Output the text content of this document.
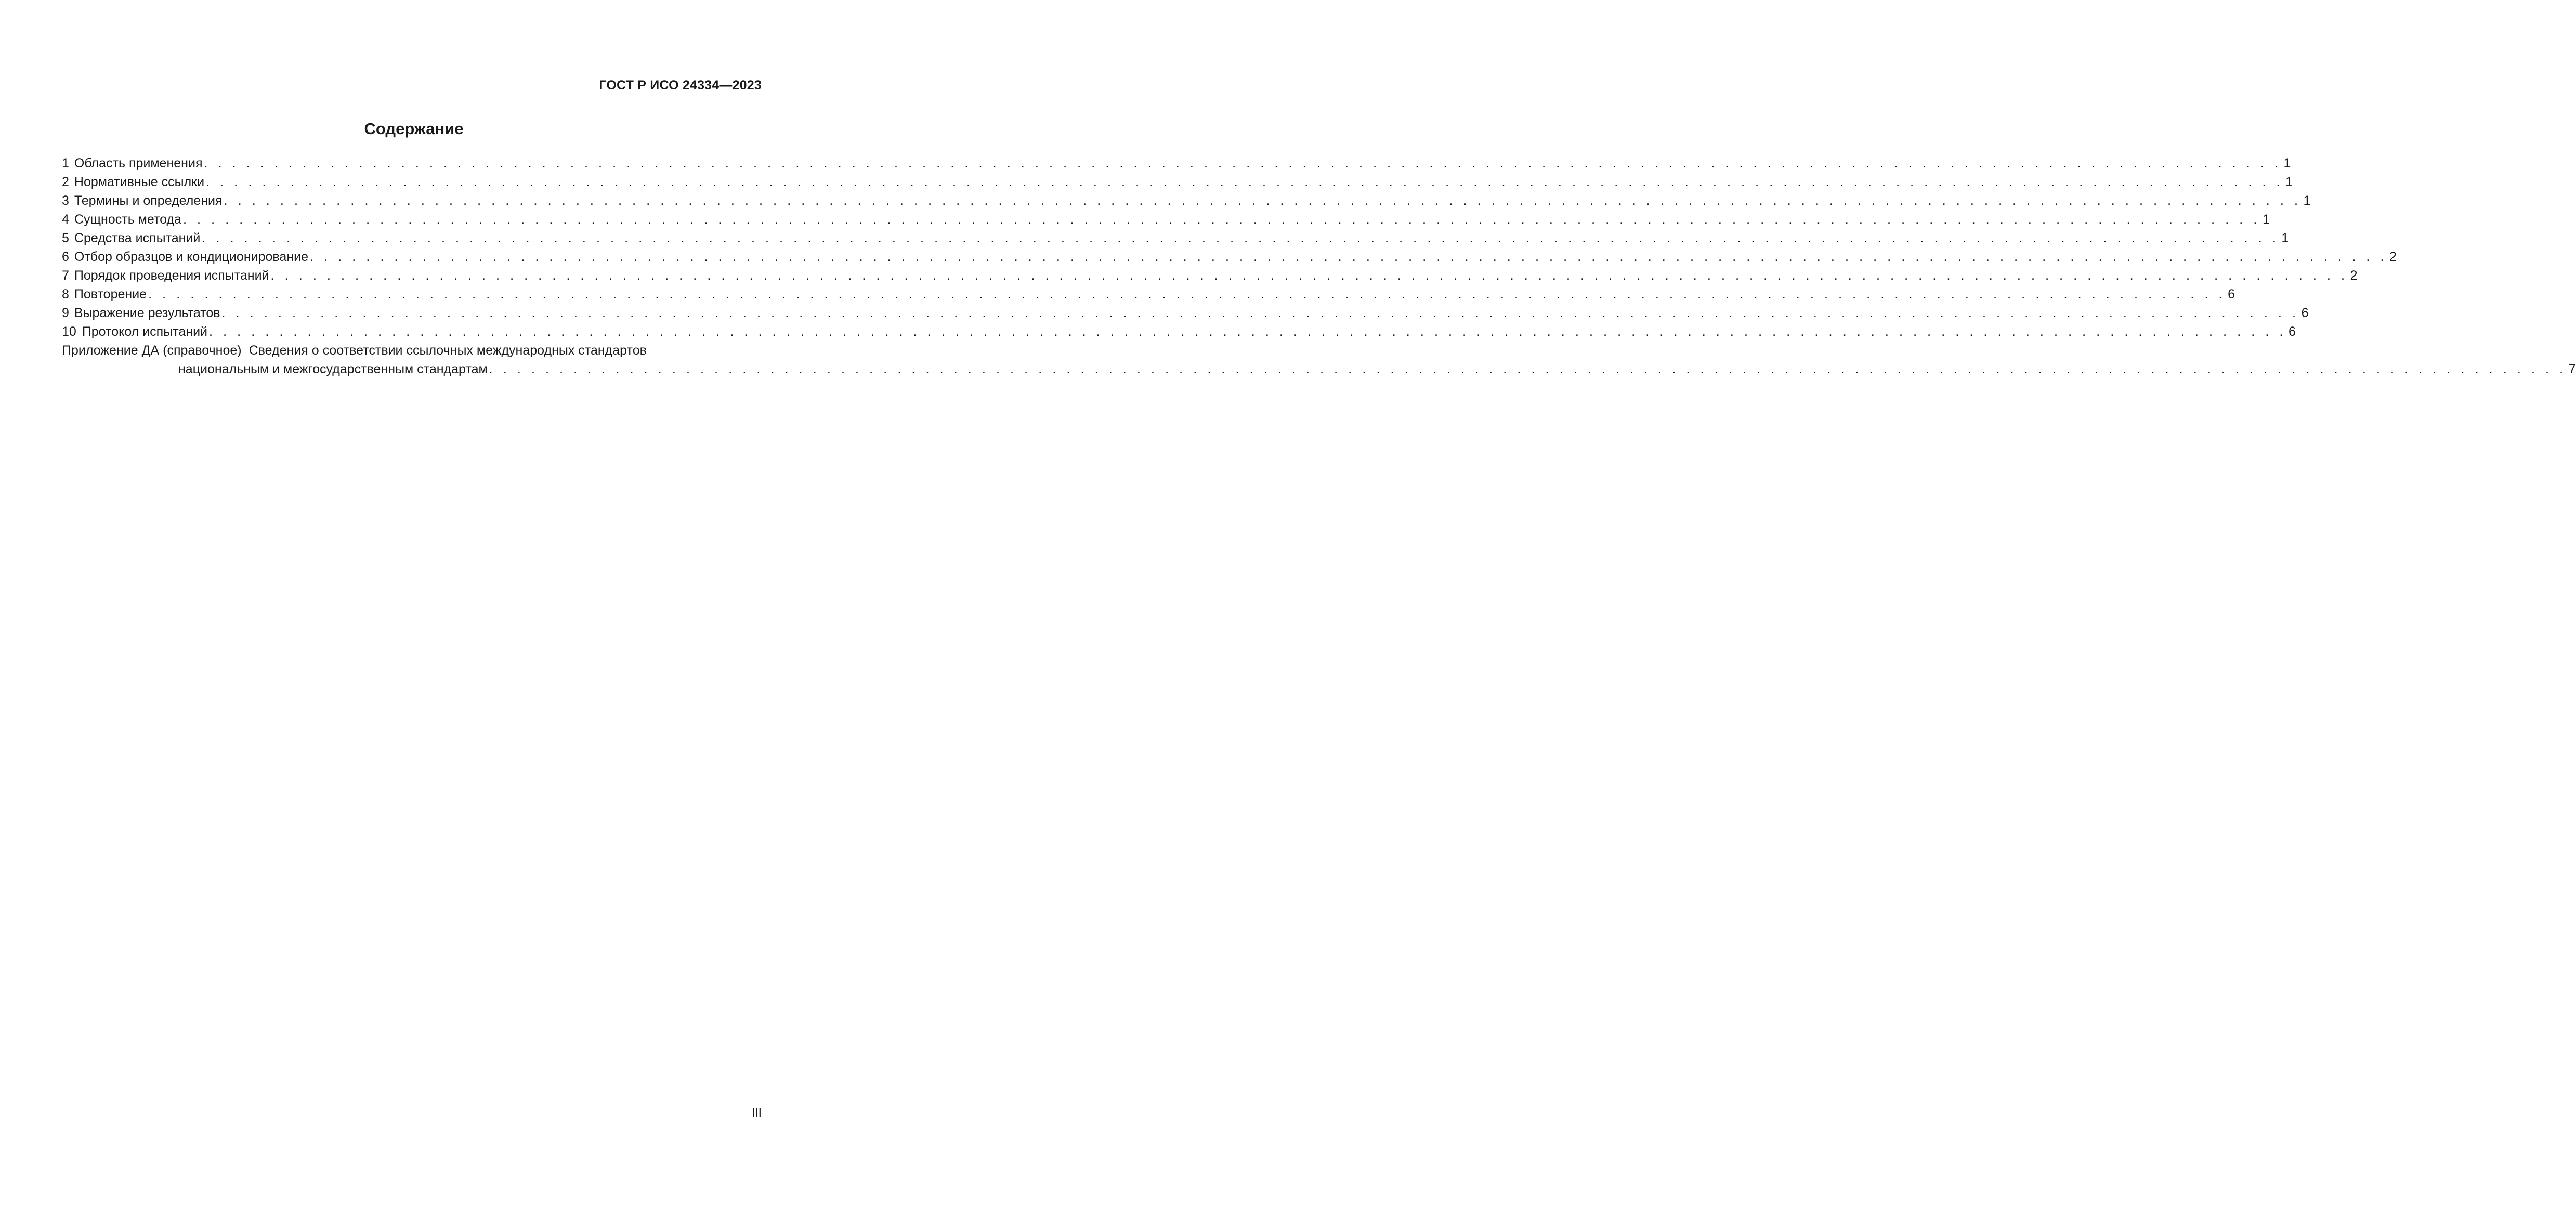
ГОСТ Р ИСО 24334—2023
Содержание
1 Область применения . . . . . . . . . . . . . . . . . . . . . . . . . . . . . . . . . . . . . . . . . . . . . . . . . . . . . . . . . . . . . . . . . . . . . . . . . . . . . . . . . . . . . . . . . . . . . . . . . . . . . . . . . . . . . . . . . . . . . . . . . . . . . . . . . . . . . . . . . . . . . . . . . . . . 1
2 Нормативные ссылки . . . . . . . . . . . . . . . . . . . . . . . . . . . . . . . . . . . . . . . . . . . . . . . . . . . . . . . . . . . . . . . . . . . . . . . . . . . . . . . . . . . . . . . . . . . . . . . . . . . . . . . . . . . . . . . . . . . . . . . . . . . . . . . . . . . . . . . . . . . . . . . . . . . . 1
3 Термины и определения . . . . . . . . . . . . . . . . . . . . . . . . . . . . . . . . . . . . . . . . . . . . . . . . . . . . . . . . . . . . . . . . . . . . . . . . . . . . . . . . . . . . . . . . . . . . . . . . . . . . . . . . . . . . . . . . . . . . . . . . . . . . . . . . . . . . . . . . . . . . . . . . . . . . 1
4 Сущность метода . . . . . . . . . . . . . . . . . . . . . . . . . . . . . . . . . . . . . . . . . . . . . . . . . . . . . . . . . . . . . . . . . . . . . . . . . . . . . . . . . . . . . . . . . . . . . . . . . . . . . . . . . . . . . . . . . . . . . . . . . . . . . . . . . . . . . . . . . . . . . . . . . . . . 1
5 Средства испытаний . . . . . . . . . . . . . . . . . . . . . . . . . . . . . . . . . . . . . . . . . . . . . . . . . . . . . . . . . . . . . . . . . . . . . . . . . . . . . . . . . . . . . . . . . . . . . . . . . . . . . . . . . . . . . . . . . . . . . . . . . . . . . . . . . . . . . . . . . . . . . . . . . . . . 1
6 Отбор образцов и кондиционирование . . . . . . . . . . . . . . . . . . . . . . . . . . . . . . . . . . . . . . . . . . . . . . . . . . . . . . . . . . . . . . . . . . . . . . . . . . . . . . . . . . . . . . . . . . . . . . . . . . . . . . . . . . . . . . . . . . . . . . . . . . . . . . . . . . . . . . . . . . . . . . . . . . . . 2
7 Порядок проведения испытаний . . . . . . . . . . . . . . . . . . . . . . . . . . . . . . . . . . . . . . . . . . . . . . . . . . . . . . . . . . . . . . . . . . . . . . . . . . . . . . . . . . . . . . . . . . . . . . . . . . . . . . . . . . . . . . . . . . . . . . . . . . . . . . . . . . . . . . . . . . . . . . . . . . . . 2
8 Повторение . . . . . . . . . . . . . . . . . . . . . . . . . . . . . . . . . . . . . . . . . . . . . . . . . . . . . . . . . . . . . . . . . . . . . . . . . . . . . . . . . . . . . . . . . . . . . . . . . . . . . . . . . . . . . . . . . . . . . . . . . . . . . . . . . . . . . . . . . . . . . . . . . . . . 6
9 Выражение результатов . . . . . . . . . . . . . . . . . . . . . . . . . . . . . . . . . . . . . . . . . . . . . . . . . . . . . . . . . . . . . . . . . . . . . . . . . . . . . . . . . . . . . . . . . . . . . . . . . . . . . . . . . . . . . . . . . . . . . . . . . . . . . . . . . . . . . . . . . . . . . . . . . . . . 6
10 Протокол испытаний . . . . . . . . . . . . . . . . . . . . . . . . . . . . . . . . . . . . . . . . . . . . . . . . . . . . . . . . . . . . . . . . . . . . . . . . . . . . . . . . . . . . . . . . . . . . . . . . . . . . . . . . . . . . . . . . . . . . . . . . . . . . . . . . . . . . . . . . . . . . . . . . . . . . 6
Приложение ДА (справочное) Сведения о соответствии ссылочных международных стандартов
национальным и межгосударственным стандартам . . . . . . . . . . . . . . . . . . . . . . . . . . . . . . . . . . . . . . . . . . . . . . . . . . . . . . . . . . . . . . . . . . . . . . . . . . . . . . . . . . . . . . . . . . . . . . . . . . . . . . . . . . . . . . . . . . . . . . . . . . . . . . . . . . . . . . . . . . . . . . . . . . . . 7
III
